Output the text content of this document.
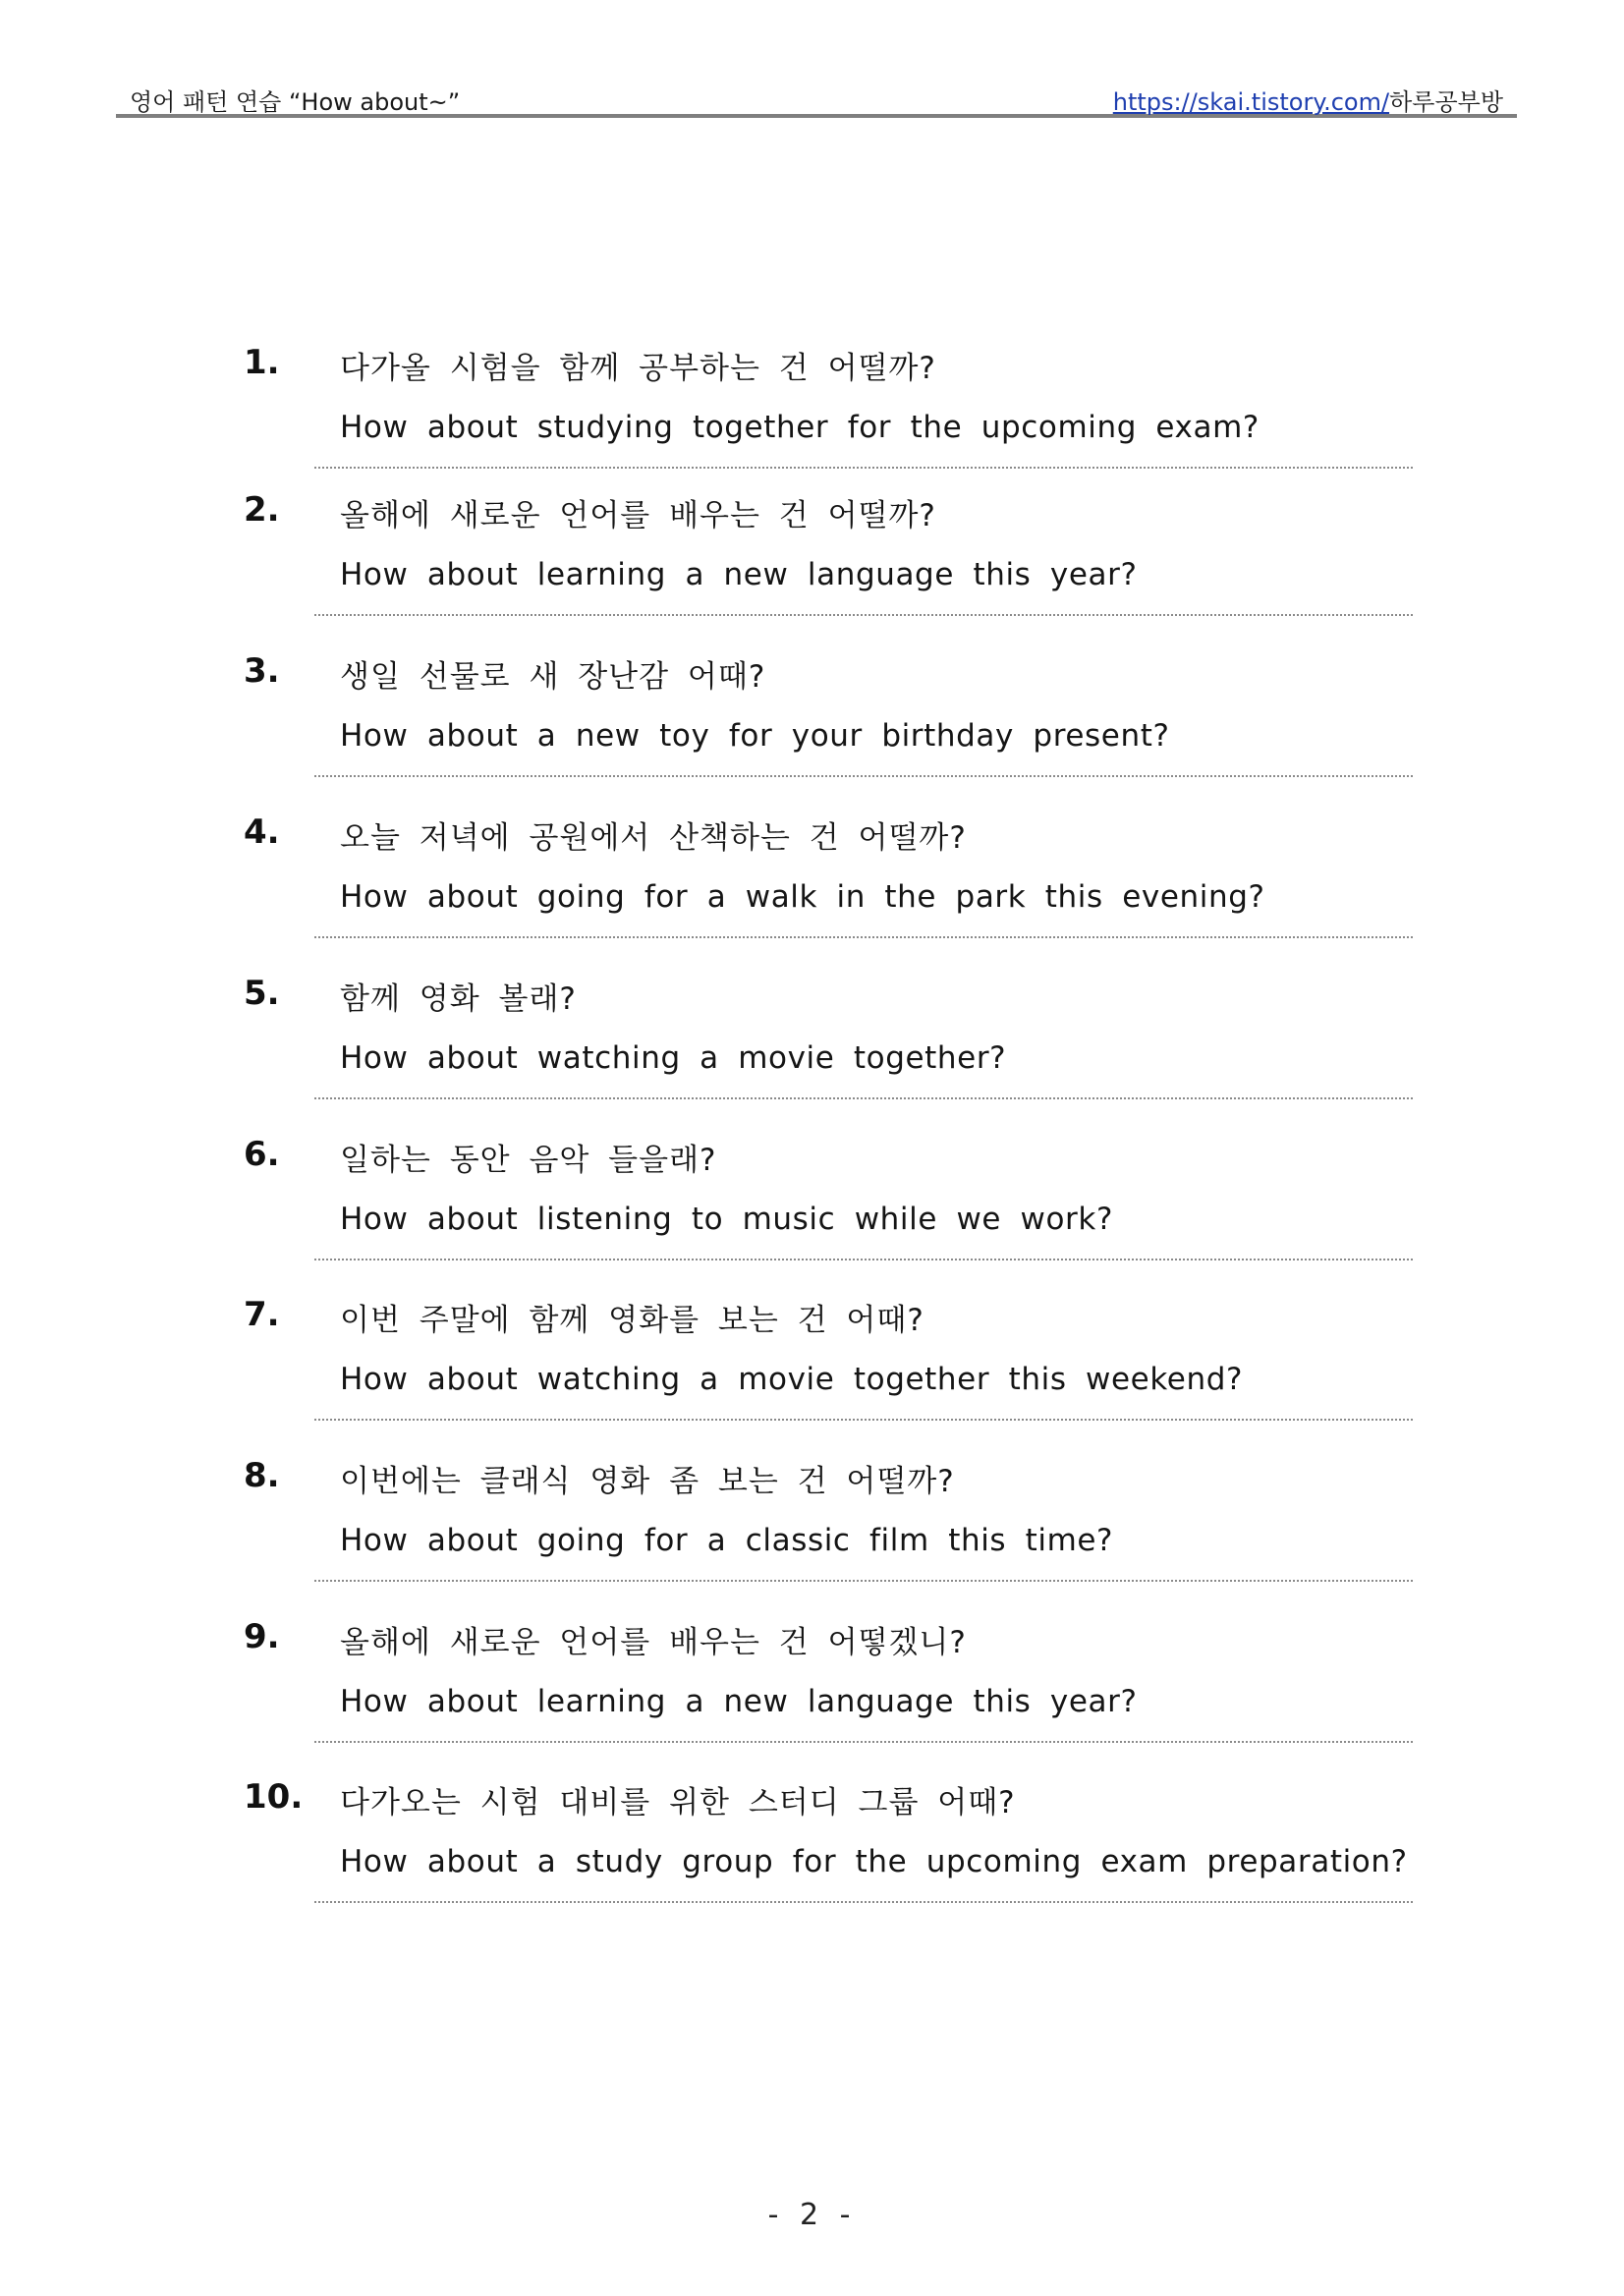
영어 패턴 연습 “How about~”	https://skai.tistory.com/하루공부방
1. 다가올 시험을 함께 공부하는 건 어떨까?
How about studying together for the upcoming exam?
2. 올해에 새로운 언어를 배우는 건 어떨까?
How about learning a new language this year?
3. 생일 선물로 새 장난감 어때?
How about a new toy for your birthday present?
4. 오늘 저녁에 공원에서 산책하는 건 어떨까?
How about going for a walk in the park this evening?
5. 함께 영화 볼래?
How about watching a movie together?
6. 일하는 동안 음악 들을래?
How about listening to music while we work?
7. 이번 주말에 함께 영화를 보는 건 어때?
How about watching a movie together this weekend?
8. 이번에는 클래식 영화 좀 보는 건 어떨까?
How about going for a classic film this time?
9. 올해에 새로운 언어를 배우는 건 어떻겠니?
How about learning a new language this year?
10. 다가오는 시험 대비를 위한 스터디 그룹 어때?
How about a study group for the upcoming exam preparation?
- 2 -
